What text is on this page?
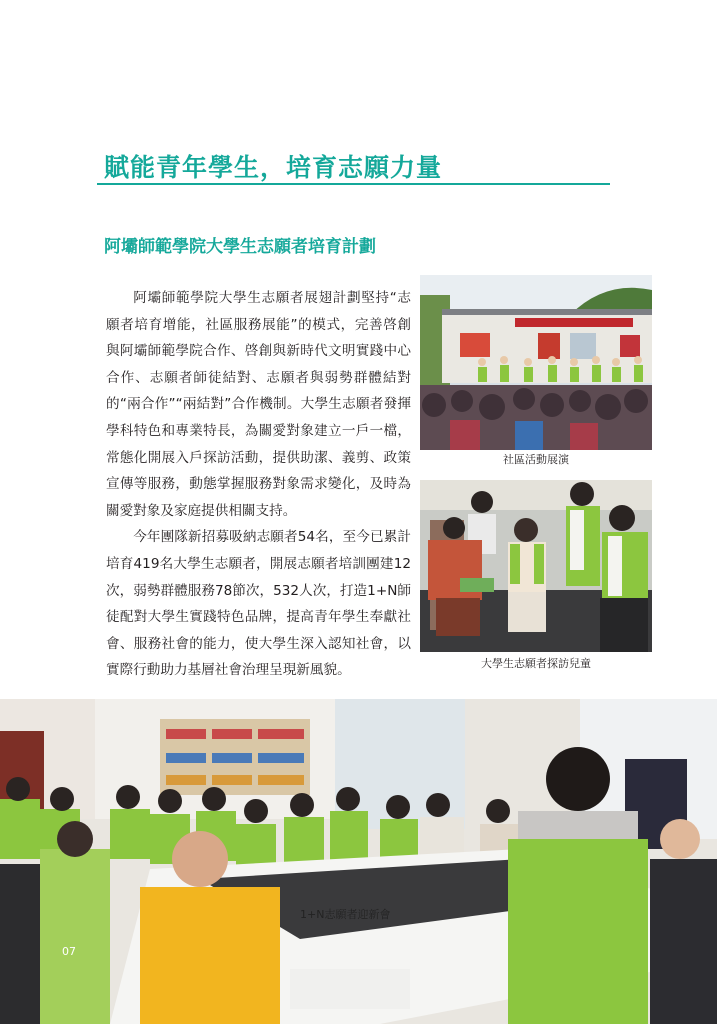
賦能青年學生，培育志願力量
阿壩師範學院大學生志願者培育計劃

阿壩師範學院大學生志願者展翅計劃堅持“志願者培育增能，社區服務展能”的模式，完善啓創與阿壩師範學院合作、啓創與新時代文明實踐中心合作、志願者師徒結對、志願者與弱勢群體結對的“兩合作”“兩結對”合作機制。大學生志願者發揮學科特色和專業特長，為關愛對象建立一戶一檔，常態化開展入戶探訪活動，提供助潔、義剪、政策宣傳等服務，動態掌握服務對象需求變化，及時為關愛對象及家庭提供相關支持。

今年團隊新招募吸納志願者54名，至今已累計培育419名大學生志願者，開展志願者培訓團建12次，弱勢群體服務78節次，532人次，打造1+N師徒配對大學生實踐特色品牌，提高青年學生奉獻社會、服務社會的能力，使大學生深入認知社會，以實際行動助力基層社會治理呈現新風貌。

社區活動展演
大學生志願者探訪兒童
1+N志願者迎新會
07
